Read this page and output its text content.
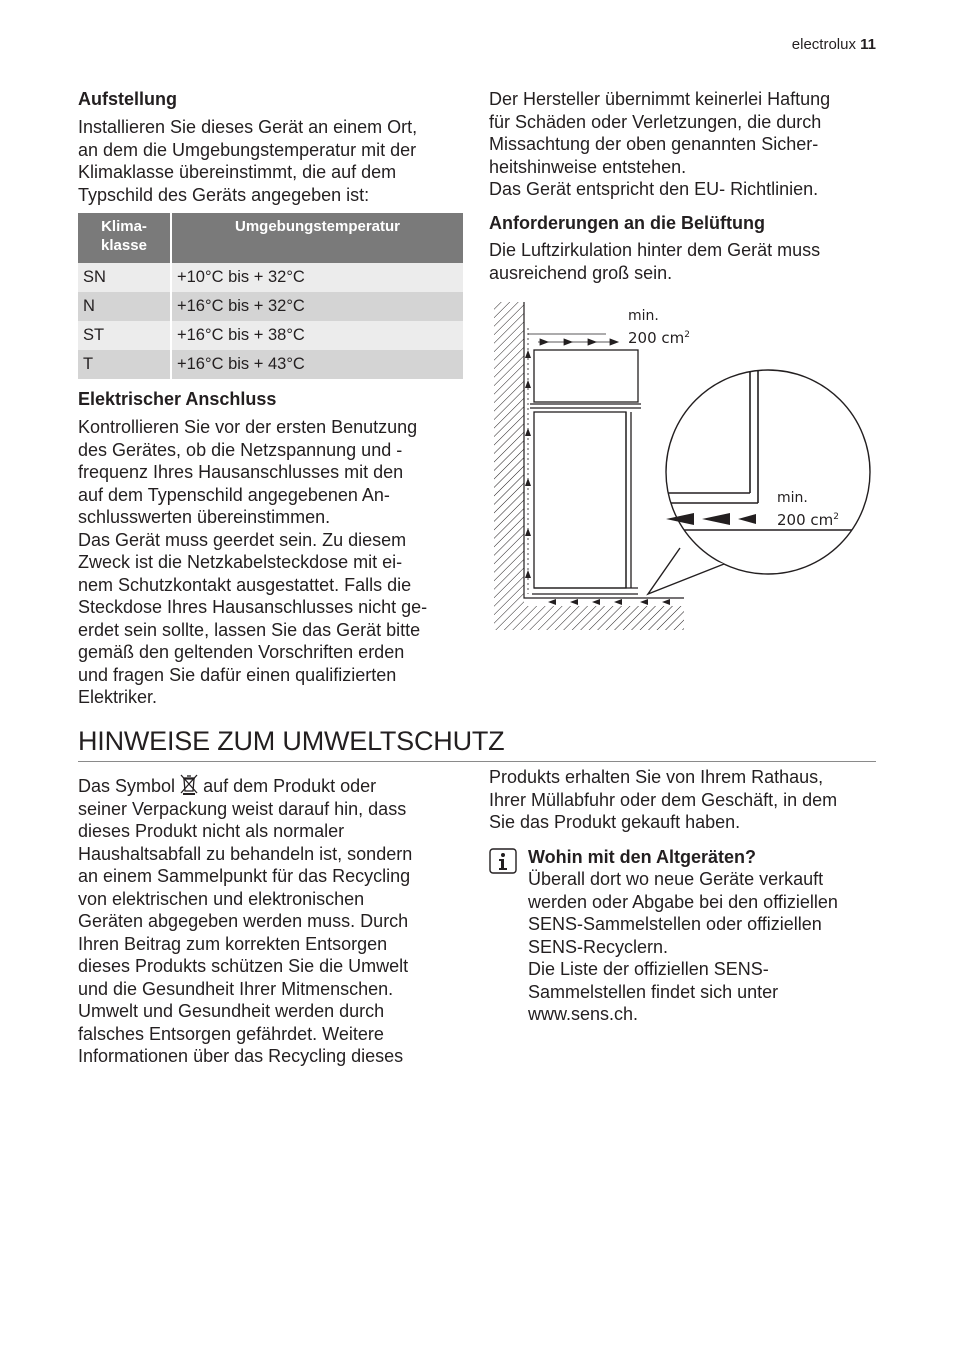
electrolux 11
Aufstellung

Installieren Sie dieses Gerät an einem Ort,

an dem die Umgebungstemperatur mit der

Klimaklasse übereinstimmt, die auf dem

Typschild des Geräts angegeben ist:

Klima-
klasse	Umgebungstemperatur
SN	+10°C bis + 32°C
N	+16°C bis + 32°C
ST	+16°C bis + 38°C
T	+16°C bis + 43°C
Elektrischer Anschluss

Kontrollieren Sie vor der ersten Benutzung

des Gerätes, ob die Netzspannung und -

frequenz Ihres Hausanschlusses mit den

auf dem Typenschild angegebenen An-

schlusswerten übereinstimmen.

Das Gerät muss geerdet sein. Zu diesem

Zweck ist die Netzkabelsteckdose mit ei-

nem Schutzkontakt ausgestattet. Falls die

Steckdose Ihres Hausanschlusses nicht ge-

erdet sein sollte, lassen Sie das Gerät bitte

gemäß den geltenden Vorschriften erden

und fragen Sie dafür einen qualifizierten

Elektriker.

Der Hersteller übernimmt keinerlei Haftung

für Schäden oder Verletzungen, die durch

Missachtung der oben genannten Sicher-

heitshinweise entstehen.

Das Gerät entspricht den EU- Richtlinien.

Anforderungen an die Belüftung

Die Luftzirkulation hinter dem Gerät muss

ausreichend groß sein.

min.
200 $cm^2$
min.
200 $cm^2$
HINWEISE ZUM UMWELTSCHUTZ

Das Symbol auf dem Produkt oder

seiner Verpackung weist darauf hin, dass

dieses Produkt nicht als normaler

Haushaltsabfall zu behandeln ist, sondern

an einem Sammelpunkt für das Recycling

von elektrischen und elektronischen

Geräten abgegeben werden muss. Durch

Ihren Beitrag zum korrekten Entsorgen

dieses Produkts schützen Sie die Umwelt

und die Gesundheit Ihrer Mitmenschen.

Umwelt und Gesundheit werden durch

falsches Entsorgen gefährdet. Weitere

Informationen über das Recycling dieses

Produkts erhalten Sie von Ihrem Rathaus,

Ihrer Müllabfuhr oder dem Geschäft, in dem

Sie das Produkt gekauft haben.

Wohin mit den Altgeräten?

Überall dort wo neue Geräte verkauft

werden oder Abgabe bei den offiziellen

SENS-Sammelstellen oder offiziellen

SENS-Recyclern.

Die Liste der offiziellen SENS-

Sammelstellen findet sich unter

www.sens.ch.
